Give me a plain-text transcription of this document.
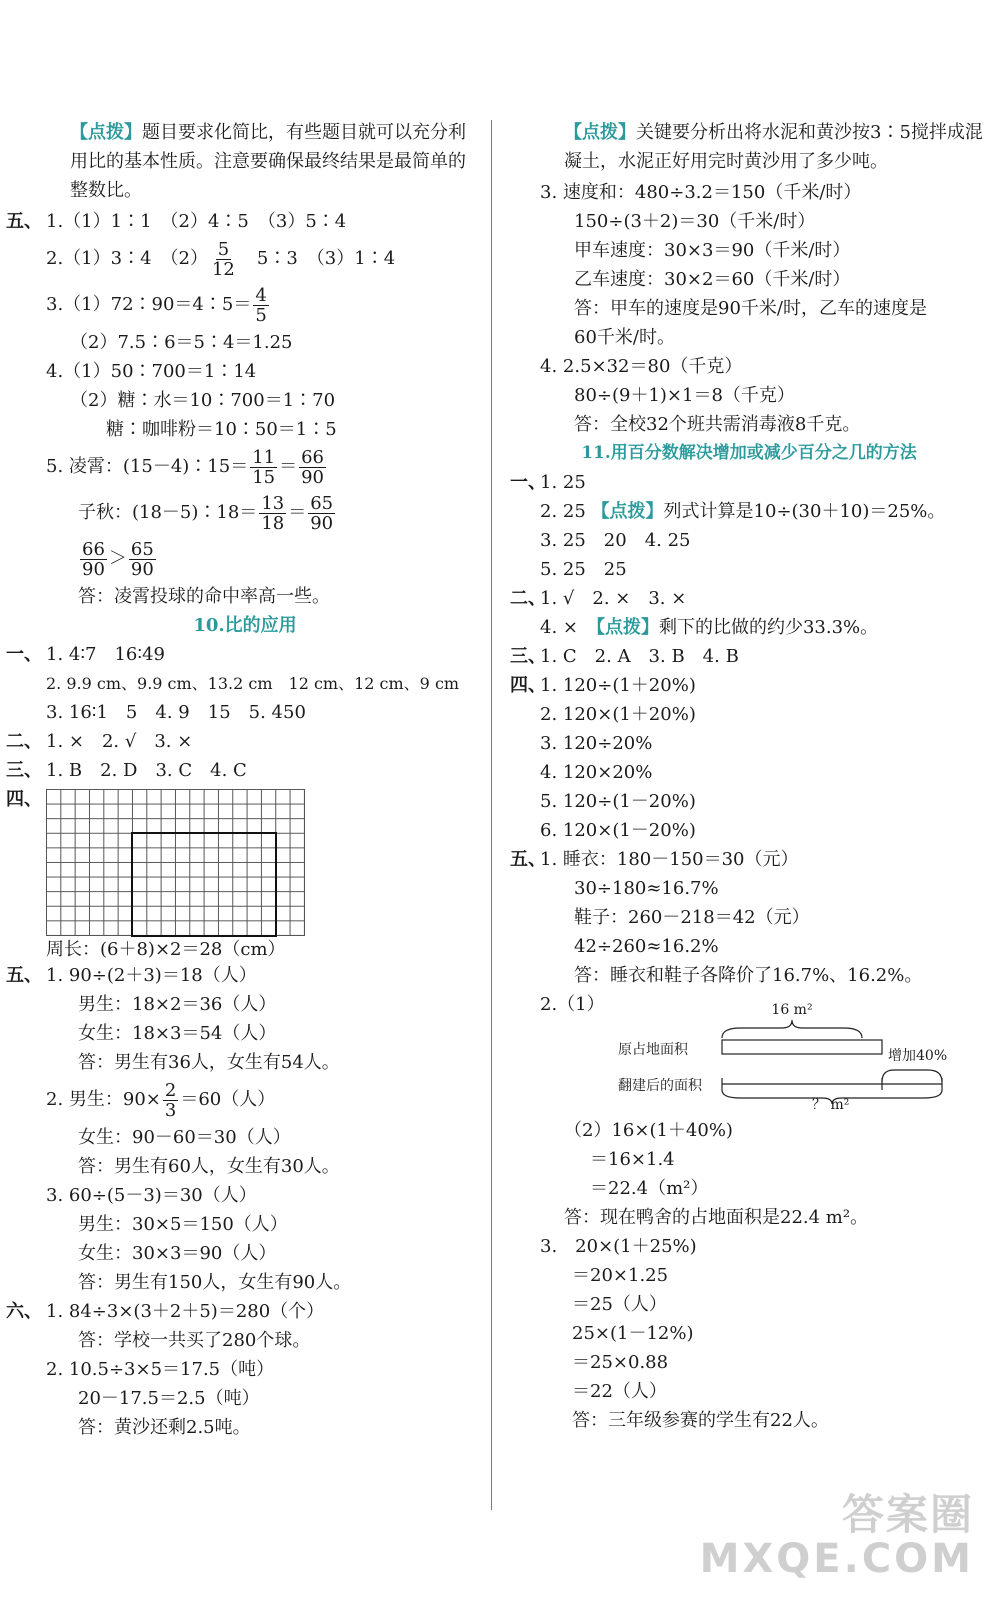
【点拨】题目要求化简比，有些题目就可以充分利用比的基本性质。注意要确保最终结果是最简单的整数比。
五、 1.（1）1∶1　（2）4∶5　（3）5∶4
2.（1）3∶4　$(2) \frac{5}{12}$
　 5∶3　（3）1∶4
3.（1）72∶90＝4∶5＝ $\frac{4}{5}$
（2）7.5∶6＝5∶4＝1.25
4.（1）50∶700＝1∶14
（2）糖∶水＝10∶700＝1∶70
糖∶咖啡粉＝10∶50＝1∶5
5. 凌霄：(15－4)∶15＝ $\frac{11}{15} = \frac{66}{90}$
子秋：(18－5)∶18＝ $\frac{13}{18} = \frac{65}{90}$
$\frac{66}{90} > \frac{65}{90}$
答：凌霄投球的命中率高一些。
10.比的应用
一、 1. 4∶7　16∶49
2. 9.9 cm、9.9 cm、13.2 cm　12 cm、12 cm、9 cm
3. 16∶1　5　4. 9　15　5. 450
二、 1. ×　2. √　3. ×
三、 1. B　2. D　3. C　4. C
四、
周长：(6＋8)×2＝28（cm）
五、 1. 90÷(2＋3)＝18（人）
男生：18×2＝36（人）
女生：18×3＝54（人）
答：男生有36人，女生有54人。
2. 男生：$90\times \frac{2}{3} =60$（人）
女生：90－60＝30（人）
答：男生有60人，女生有30人。
3. 60÷(5－3)＝30（人）
男生：30×5＝150（人）
女生：30×3＝90（人）
答：男生有150人，女生有90人。
六、 1. 84÷3×(3＋2＋5)＝280（个）
答：学校一共买了280个球。
2. 10.5÷3×5＝17.5（吨）
20－17.5＝2.5（吨）
答：黄沙还剩2.5吨。
【点拨】关键要分析出将水泥和黄沙按3∶5搅拌成混凝土，水泥正好用完时黄沙用了多少吨。
3. 速度和：480÷3.2＝150（千米/时）
150÷(3＋2)＝30（千米/时）
甲车速度：30×3＝90（千米/时）
乙车速度：30×2＝60（千米/时）
答：甲车的速度是90千米/时，乙车的速度是
60千米/时。
4. 2.5×32＝80（千克）
80÷(9＋1)×1＝8（千克）
答：全校32个班共需消毒液8千克。
11.用百分数解决增加或减少百分之几的方法
一、
1. 25
2. 25 【点拨】列式计算是10÷(30＋10)＝25%。
3. 25　20　4. 25
5. 25　25
二、
1. √　2. ×　3. ×
4. ×　 【点拨】剩下的比做的约少33.3%。
三、
1. C　2. A　3. B　4. B
四、
1. 120÷(1＋20%)
2. 120×(1＋20%)
3. 120÷20%
4. 120×20%
5. 120÷(1－20%)
6. 120×(1－20%)
五、
1. 睡衣：180－150＝30（元）
30÷180≈16.7%
鞋子：260－218＝42（元）
42÷260≈16.2%
答：睡衣和鞋子各降价了16.7%、16.2%。
2.（1）	16 m²
原占地面积	增加40%
翻建后的面积
？ m²
（2）16×(1＋40%)
＝16×1.4
＝22.4（m²）
答：现在鸭舍的占地面积是22.4 m²。
3.　20×(1＋25%)
＝20×1.25
＝25（人）
25×(1－12%)
＝25×0.88
＝22（人）
答：三年级参赛的学生有22人。
答案圈
MXQE.COM
